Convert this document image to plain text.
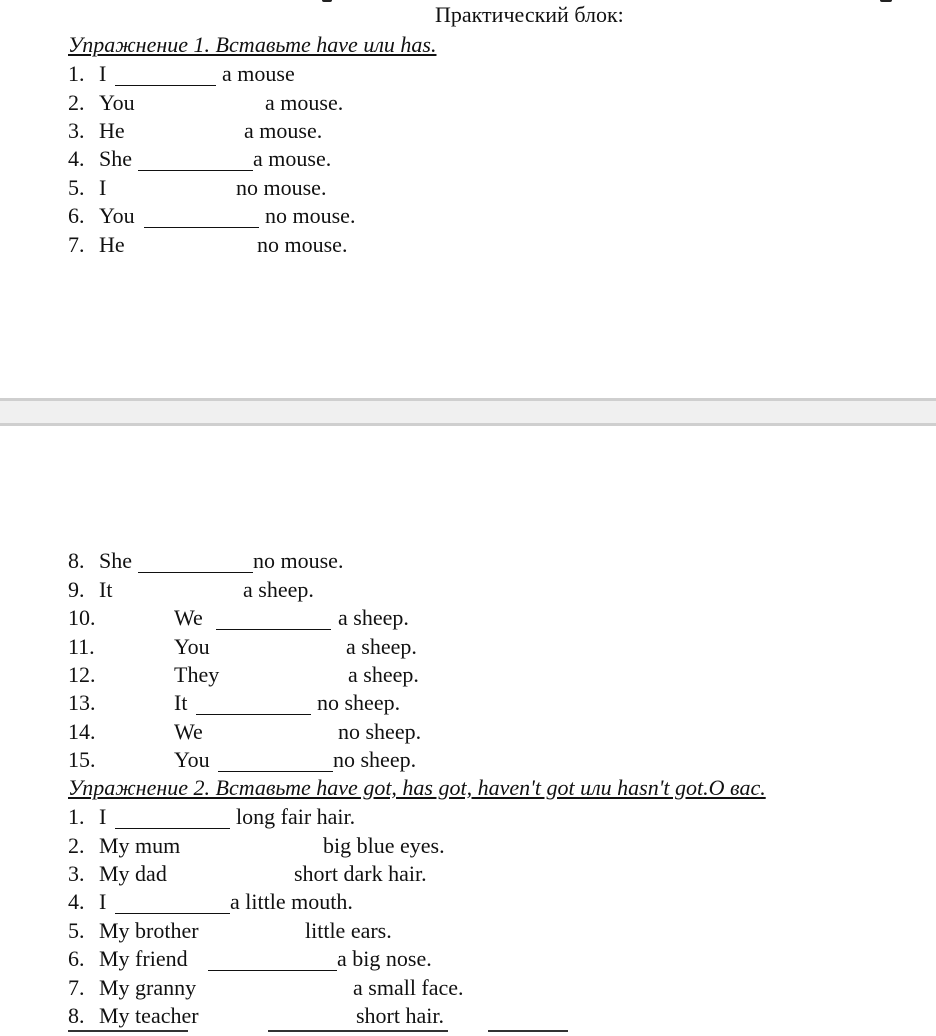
Практический блок:
Упражнение 1. Вставьте have или has.
1. I	a mouse
2. You	a mouse.
3. He	a mouse.
4. She	a mouse.
5. I	no mouse.
6. You	no mouse.
7. He	no mouse.
8. She	no mouse.
9. It	a sheep.
10.	We	a sheep.
11.	You	a sheep.
12.	They	a sheep.
13.	It	no sheep.
14.	We	no sheep.
15.	You	no sheep.
Упражнение 2. Вставьте have got, has got, haven't got или hasn't got.О вас.
1. I	long fair hair.
2. My mum	big blue eyes.
3. My dad	short dark hair.
4. I	a little mouth.
5. My brother	little ears.
6. My friend	a big nose.
7. My granny	a small face.
8. My teacher	short hair.
